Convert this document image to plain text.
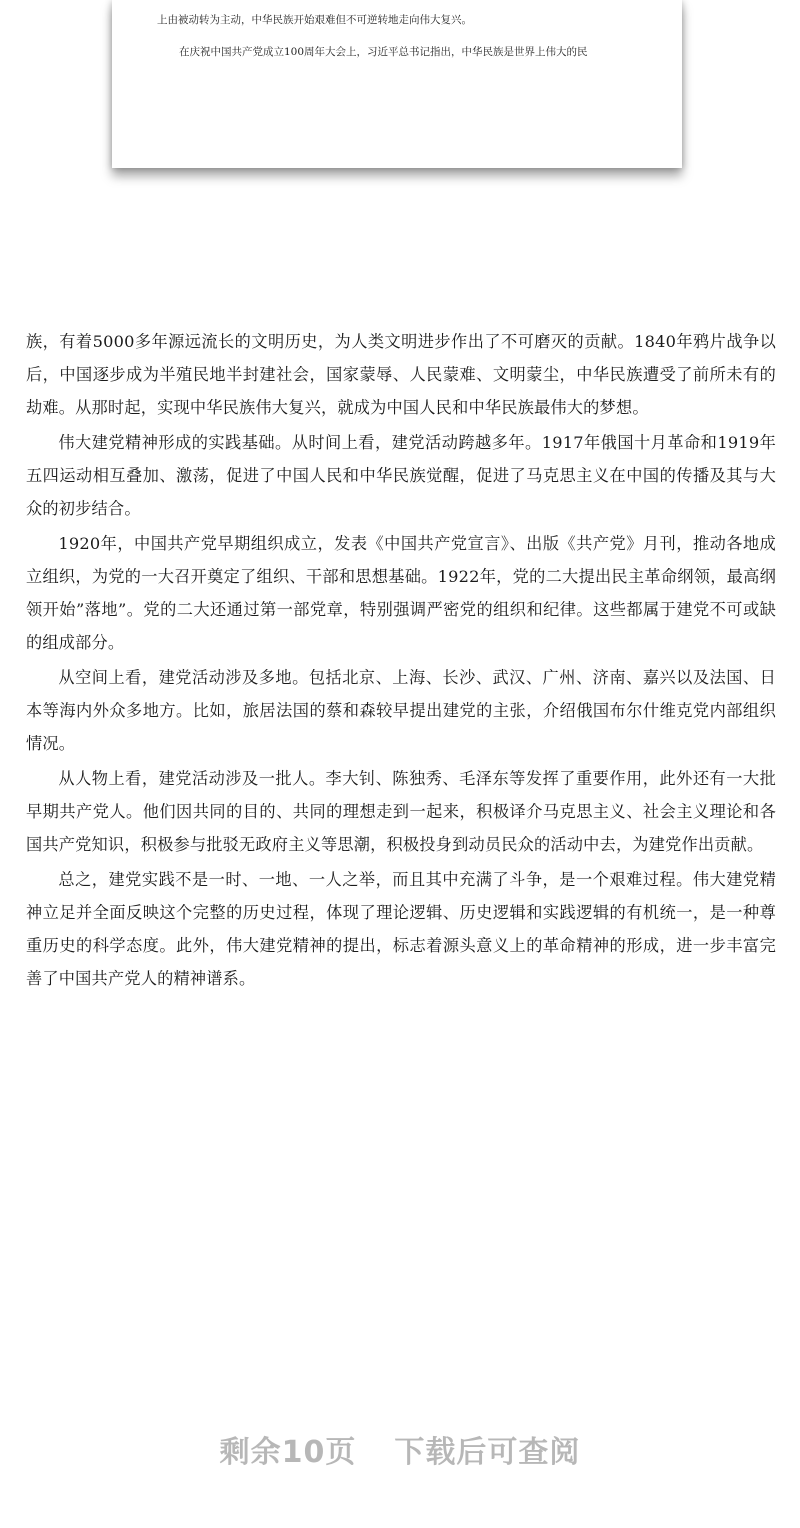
上由被动转为主动，中华民族开始艰难但不可逆转地走向伟大复兴。
在庆祝中国共产党成立100周年大会上，习近平总书记指出，中华民族是世界上伟大的民

族，有着5000多年源远流长的文明历史，为人类文明进步作出了不可磨灭的贡献。1840年鸦片战争以后，中国逐步成为半殖民地半封建社会，国家蒙辱、人民蒙难、文明蒙尘，中华民族遭受了前所未有的劫难。从那时起，实现中华民族伟大复兴，就成为中国人民和中华民族最伟大的梦想。

伟大建党精神形成的实践基础。从时间上看，建党活动跨越多年。1917年俄国十月革命和1919年五四运动相互叠加、激荡，促进了中国人民和中华民族觉醒，促进了马克思主义在中国的传播及其与大众的初步结合。

1920年，中国共产党早期组织成立，发表《中国共产党宣言》、出版《共产党》月刊，推动各地成立组织，为党的一大召开奠定了组织、干部和思想基础。1922年，党的二大提出民主革命纲领，最高纲领开始”落地”。党的二大还通过第一部党章，特别强调严密党的组织和纪律。这些都属于建党不可或缺的组成部分。

从空间上看，建党活动涉及多地。包括北京、上海、长沙、武汉、广州、济南、嘉兴以及法国、日本等海内外众多地方。比如，旅居法国的蔡和森较早提出建党的主张，介绍俄国布尔什维克党内部组织情况。

从人物上看，建党活动涉及一批人。李大钊、陈独秀、毛泽东等发挥了重要作用，此外还有一大批早期共产党人。他们因共同的目的、共同的理想走到一起来，积极译介马克思主义、社会主义理论和各国共产党知识，积极参与批驳无政府主义等思潮，积极投身到动员民众的活动中去，为建党作出贡献。

总之，建党实践不是一时、一地、一人之举，而且其中充满了斗争，是一个艰难过程。伟大建党精神立足并全面反映这个完整的历史过程，体现了理论逻辑、历史逻辑和实践逻辑的有机统一，是一种尊重历史的科学态度。此外，伟大建党精神的提出，标志着源头意义上的革命精神的形成，进一步丰富完善了中国共产党人的精神谱系。

剩余10页 下载后可查阅
